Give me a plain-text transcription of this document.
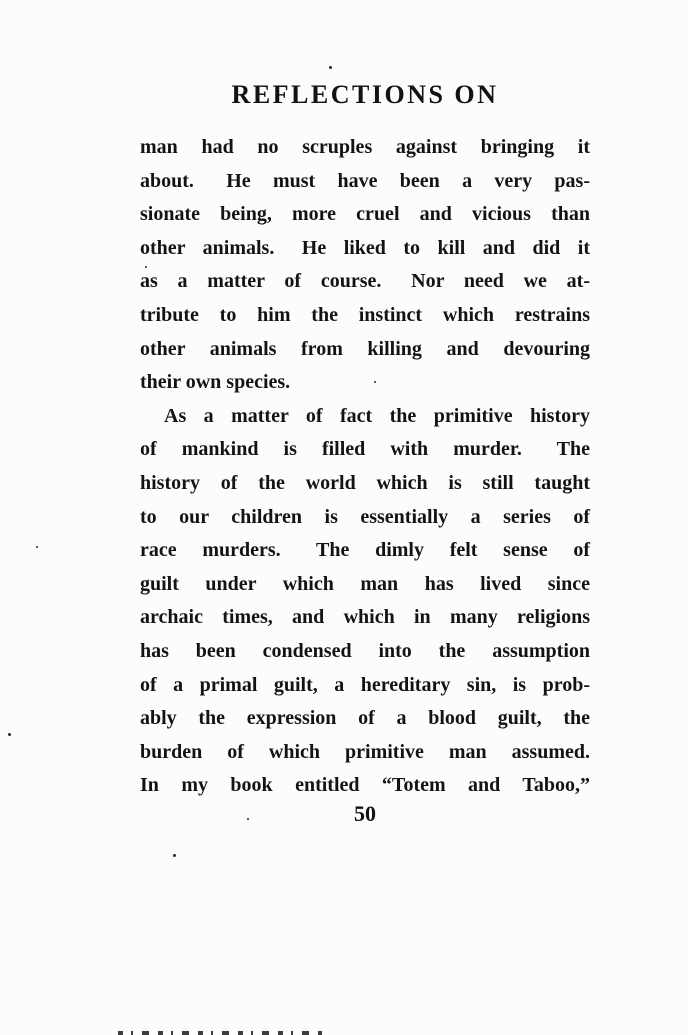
REFLECTIONS ON
man had no scruples against bringing it
about.  He must have been a very pas-
sionate being, more cruel and vicious than
other animals.  He liked to kill and did it
as a matter of course.  Nor need we at-
tribute to him the instinct which restrains
other animals from killing and devouring
their own species.
As a matter of fact the primitive history
of mankind is filled with murder.  The
history of the world which is still taught
to our children is essentially a series of
race murders.  The dimly felt sense of
guilt under which man has lived since
archaic times, and which in many religions
has been condensed into the assumption
of a primal guilt, a hereditary sin, is prob-
ably the expression of a blood guilt, the
burden of which primitive man assumed.
In my book entitled “Totem and Taboo,”
50
